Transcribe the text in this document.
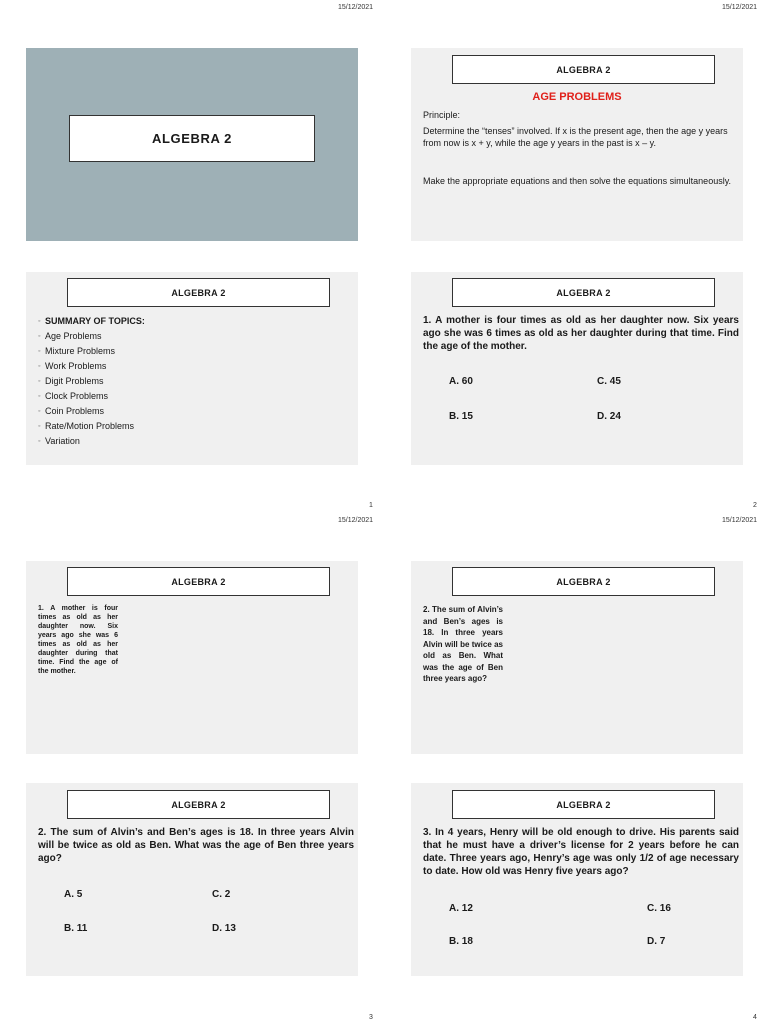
15/12/2021	15/12/2021
ALGEBRA 2
ALGEBRA 2
AGE PROBLEMS
Principle:
Determine the “tenses” involved. If x is the present age, then the age y years from now is x + y, while the age y years in the past is x – y.
Make the appropriate equations and then solve the equations simultaneously.
ALGEBRA 2
◦ SUMMARY OF TOPICS:
◦ Age Problems
◦ Mixture Problems
◦ Work Problems
◦ Digit Problems
◦ Clock Problems
◦ Coin Problems
◦ Rate/Motion Problems
◦ Variation
ALGEBRA 2
1. A mother is four times as old as her daughter now. Six years ago she was 6 times as old as her daughter during that time. Find the age of the mother.
A. 60	C. 45
B. 15	D. 24
1	2
15/12/2021	15/12/2021
ALGEBRA 2
1. A mother is four times as old as her daughter now. Six years ago she was 6 times as old as her daughter during that time. Find the age of the mother.
ALGEBRA 2
2. The sum of Alvin’s and Ben’s ages is 18. In three years Alvin will be twice as old as Ben. What was the age of Ben three years ago?
ALGEBRA 2
2. The sum of Alvin’s and Ben’s ages is 18. In three years Alvin will be twice as old as Ben. What was the age of Ben three years ago?
A. 5	C. 2
B. 11	D. 13
ALGEBRA 2
3. In 4 years, Henry will be old enough to drive. His parents said that he must have a driver’s license for 2 years before he can date. Three years ago, Henry’s age was only 1/2 of age necessary to date. How old was Henry five years ago?
A. 12	C. 16
B. 18	D. 7
3	4
